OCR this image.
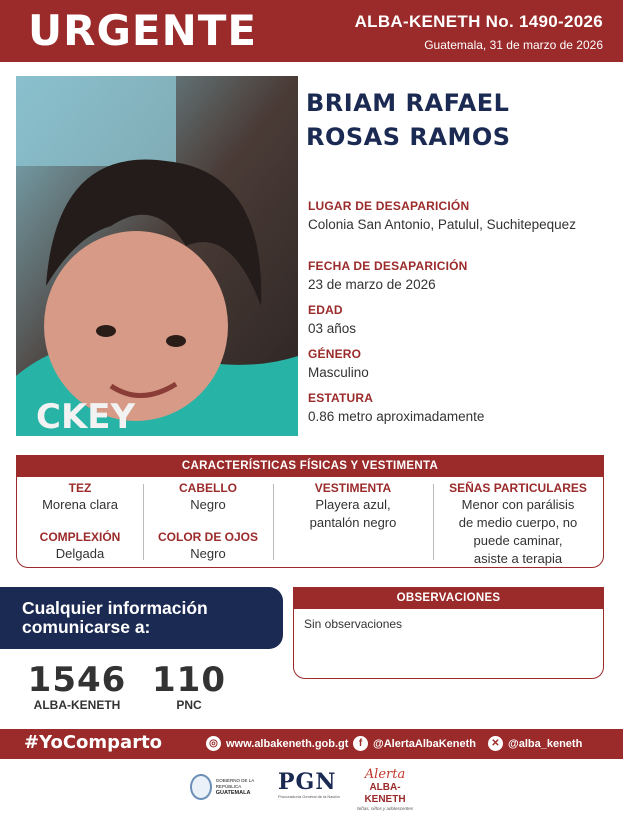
URGENTE	ALBA-KENETH No. 1490-2026
Guatemala, 31 de marzo de 2026
CKEY
BRIAM RAFAEL
ROSAS RAMOS
LUGAR DE DESAPARICIÓN
Colonia San Antonio, Patulul, Suchitepequez
FECHA DE DESAPARICIÓN
23 de marzo de 2026
EDAD
03 años
GÉNERO
Masculino
ESTATURA
0.86 metro aproximadamente
CARACTERÍSTICAS FÍSICAS Y VESTIMENTA
TEZ
Morena clara
COMPLEXIÓN
Delgada
CABELLO
Negro
COLOR DE OJOS
Negro
VESTIMENTA
Playera azul,
pantalón negro
SEÑAS PARTICULARES
Menor con parálisis
de medio cuerpo, no
puede caminar,
asiste a terapia
Cualquier información
comunicarse a:
1546
ALBA-KENETH
110
PNC
OBSERVACIONES
Sin observaciones
#YoComparto	◎ www.albakeneth.gob.gt	f @AlertaAlbaKeneth	✕ @alba_keneth
GOBIERNO DE LA REPÚBLICA
GUATEMALA	PGN
Procuraduría General de la Nación
Alerta
ALBA-KENETH
Niñas, niños y adolescentes
